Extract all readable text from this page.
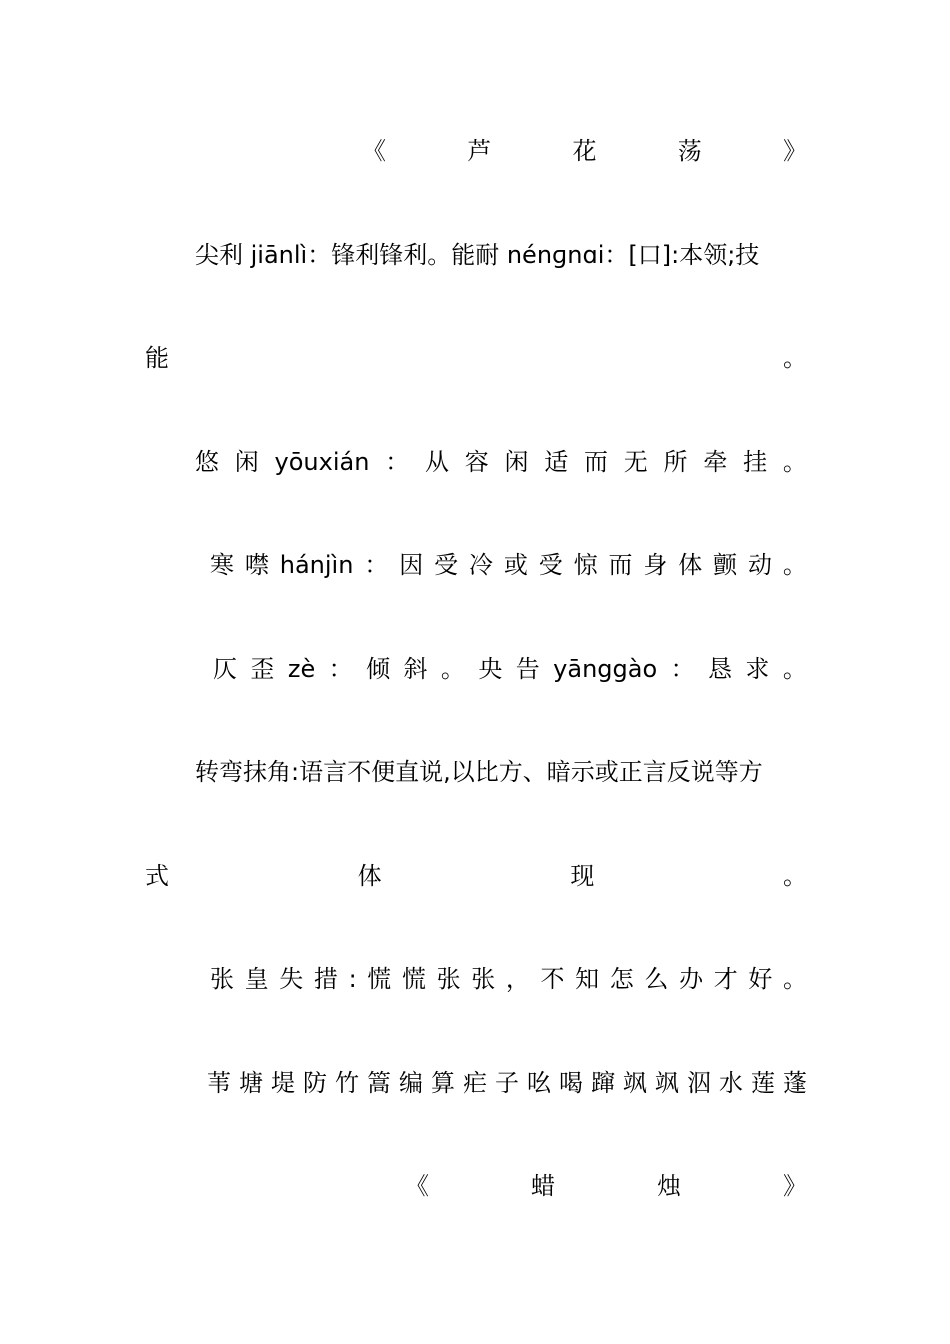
《	芦	花	荡	》
尖利 jiānlì：锋利锋利。能耐 nénɡnɑi：[口]:本领;技
能	。
悠 闲 yōuxián ： 从 容 闲 适 而 无 所 牵 挂 。
寒 噤 hánjìn ： 因 受 冷 或 受 惊 而 身 体 颤 动 。
仄 歪 zè ： 倾 斜 。 央 告 yānggào ： 恳 求 。
转弯抹角:语言不便直说,以比方、暗示或正言反说等方
式	体	现	。
张 皇 失 措 : 慌 慌 张 张 ， 不 知 怎 么 办 才 好 。
苇 塘 堤 防 竹 篙 编 算 疟 子 吆 喝 蹿 飒 飒 泅 水 莲 蓬
《	蜡	烛	》
